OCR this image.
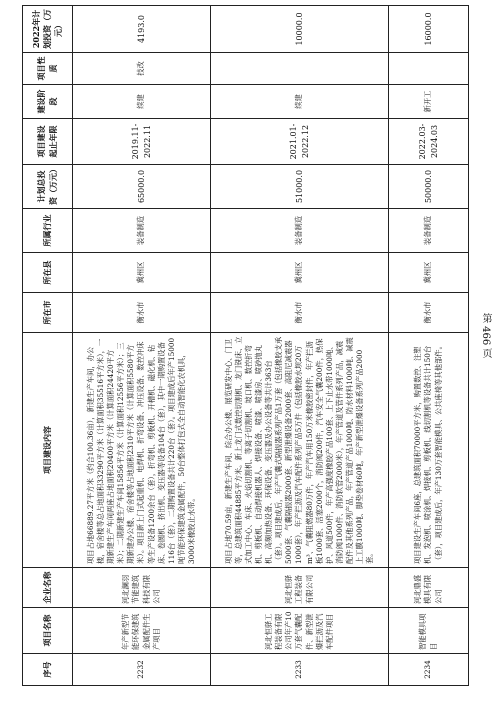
序号	项目名称	企业名称	项目建设内容	所在市	所在县	所属行业	计划总投资（万元）	项目建设起止年限	建设阶段	项目性质	2022年计划投资（万元）
2232	年产新型节能环保建筑金属配件生产项目	河北澜羽节能建筑科技有限公司	项目占地66889.27平方米（约合100.36亩），新建生产车间，办公楼，宿舍楼等总占地面积33290平方米（计算面积35516平方米），一期新建生产车间两座占地面积20400平方米（计算面积24420平方米）；二期新建生产车间15856平方米（计算面积12556平方米）；三期新建办公楼、宿舍楼等占地面积2310平方米（计算面积5580平方米）。项目新上门式起重机、电焊机、折弯设备、冲压设备、数控冲床等生产设备1200余台（套），折弯机、剪板机、开槽机、磁化机、钻床、卷圆机、挤出机、变压器等设备104台（套），其中一期购置设备116台（套），二期购置设备共计220台（套）。项目建成后年产15000吨节能环保建筑金属配件，50台整体打包式全自动智能化农机具，3000米橡胶止水带。	衡水市	冀州区	装备制造	65000.0	2019.11-2022.11	续建	技改	4193.0
2233	河北恒驿工程装备有限公司年产10万套气囊配件、新型泄爆拦沥及汽车配件项目	河北恒驿工程装备有限公司	项目占地70.59亩，新建生产车间、综合办公楼、展览研发中心、门卫等，总建筑面积44885平方米。新上龙门式数控切割机、龙门铣床、立式加工中心、车床、火焰切割机、等离子切割机、坡口机、数控折弯机、剪板机、自动焊接机器人、焊接设备、喷漆、喷漆房、喷砂抛丸机、高频加热设备、环保设备、变压器及办公设备等共计363台（套）。项目建成后，年产气囊式隔振器系列产品1万套（包括橡胶支承5000套、气囊隔振器2000套、新型泄爆设备2000套、高阻尼减震器1000套），年产拦沥及汽车配件系列产品5万件（包括橡胶水坝20万m³、气囊阻燃器80万件，年产汽车用150万米橡胶密封件，年产拦沥板1000套、活塞2000个，消防阀200件，汽车安全气囊200件，热保护、风道500件，年产高强度橡胶产品100套、上下止水带1000吨、消防阀1000件、消防软管2000米），年产管道及管件系列产品，减震配件及其他系列产品，年产管道产品1000吨、防水材料1000吨、减震上工膜1000吨、脚垫卷材60吨，年产新型泄爆设备系列产品2000套。	衡水市	冀州区	装备制造	51000.0	2021.01-2022.12	续建		10000.0
2234	智能模具项目	河北鼎盛模具有限公司	项目建设生产车间6座，总建筑面积70000平方米，购置数控、注塑机、发泡机、喷涂机、焊接机、剪板机、线切割机等设备共计150台（套），项目建成后，年产130万套智能模具、公共座椅等其他部件。	衡水市	冀州区	装备制造	50000.0	2022.03-2024.03	新开工		16000.0
第 466 页
